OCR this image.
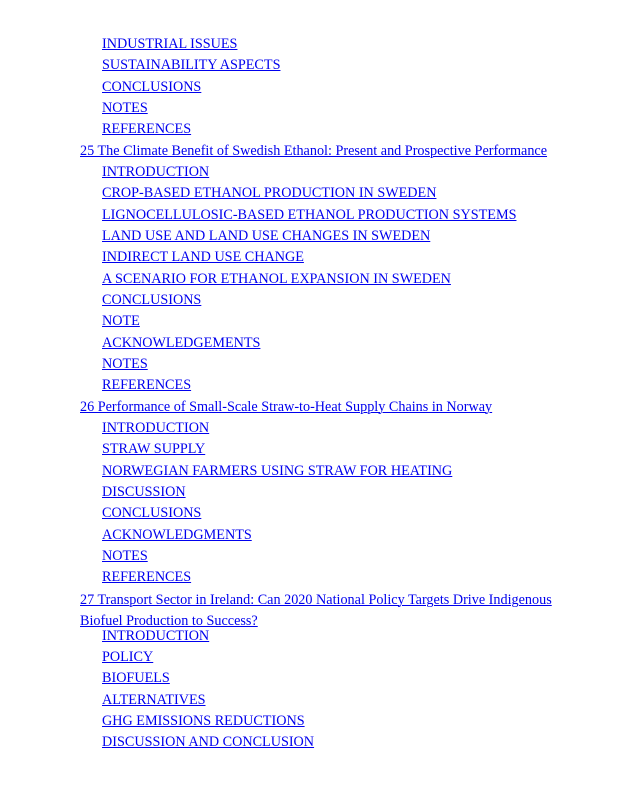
INDUSTRIAL ISSUES
SUSTAINABILITY ASPECTS
CONCLUSIONS
NOTES
REFERENCES
25 The Climate Benefit of Swedish Ethanol: Present and Prospective Performance
INTRODUCTION
CROP-BASED ETHANOL PRODUCTION IN SWEDEN
LIGNOCELLULOSIC-BASED ETHANOL PRODUCTION SYSTEMS
LAND USE AND LAND USE CHANGES IN SWEDEN
INDIRECT LAND USE CHANGE
A SCENARIO FOR ETHANOL EXPANSION IN SWEDEN
CONCLUSIONS
NOTE
ACKNOWLEDGEMENTS
NOTES
REFERENCES
26 Performance of Small-Scale Straw-to-Heat Supply Chains in Norway
INTRODUCTION
STRAW SUPPLY
NORWEGIAN FARMERS USING STRAW FOR HEATING
DISCUSSION
CONCLUSIONS
ACKNOWLEDGMENTS
NOTES
REFERENCES
27 Transport Sector in Ireland: Can 2020 National Policy Targets Drive Indigenous Biofuel Production to Success?
INTRODUCTION
POLICY
BIOFUELS
ALTERNATIVES
GHG EMISSIONS REDUCTIONS
DISCUSSION AND CONCLUSION
